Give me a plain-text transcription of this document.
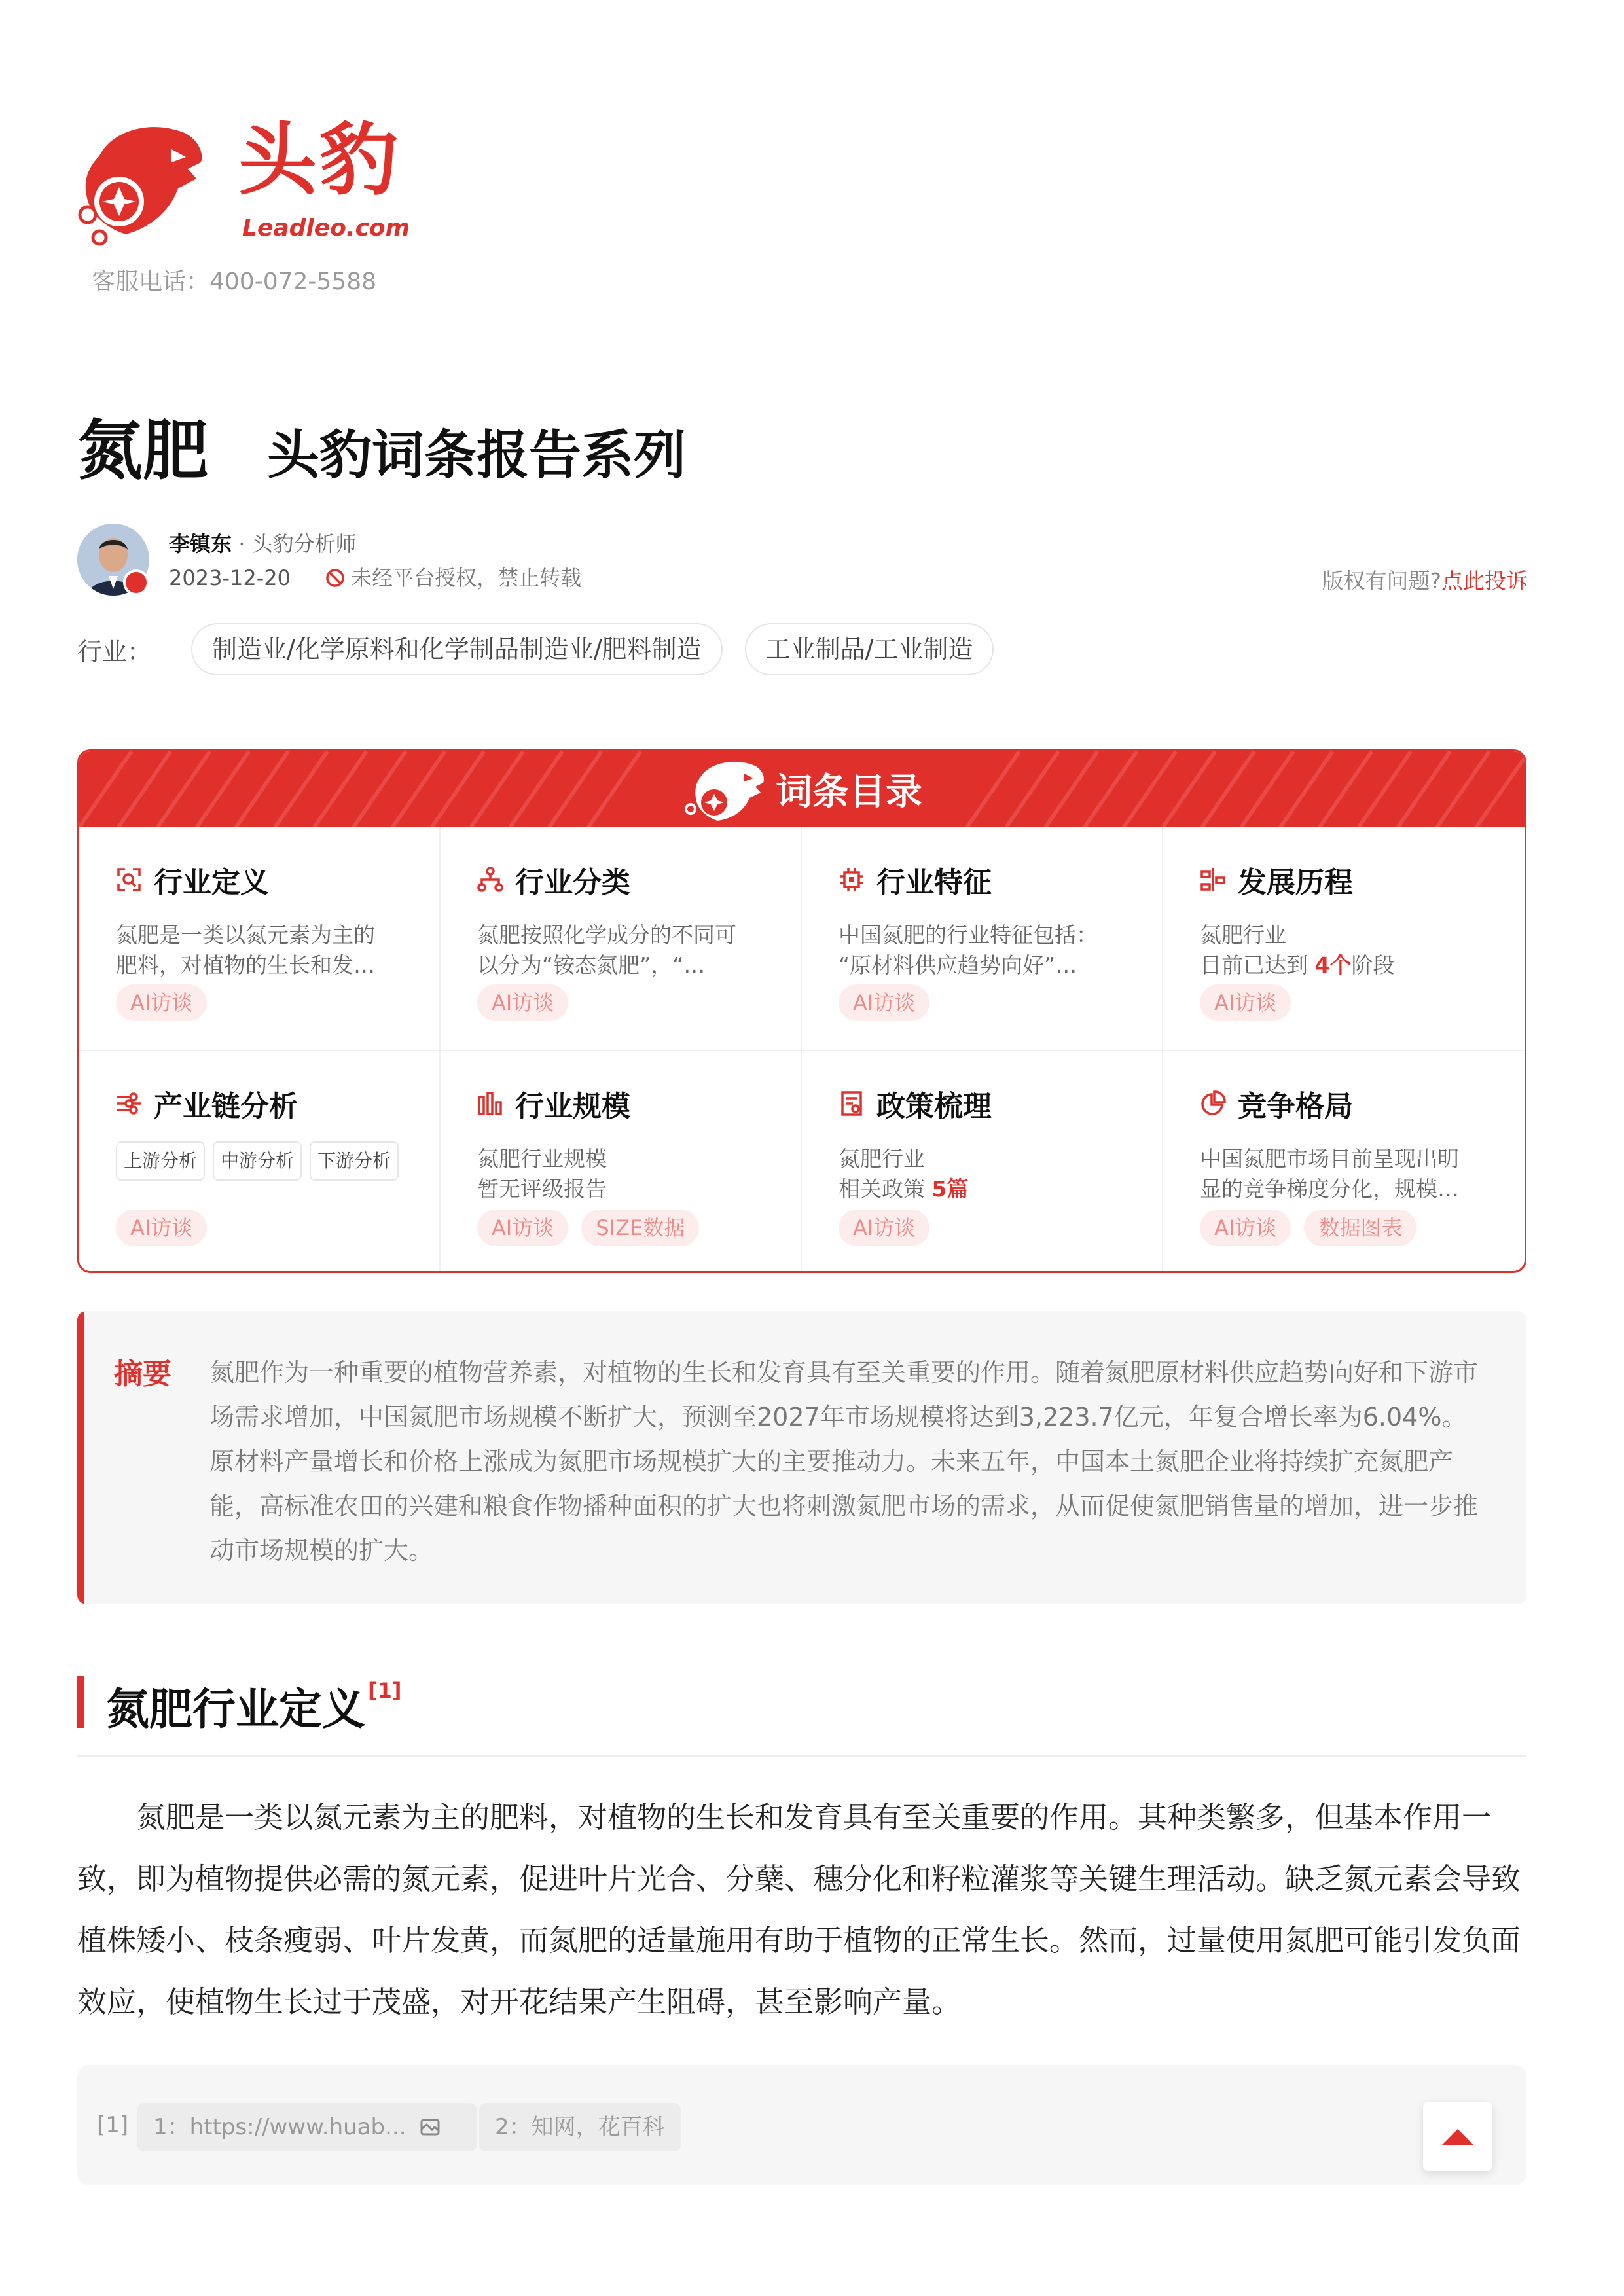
头豹
Leadleo.com
客服电话：400-072-5588
氮肥 头豹词条报告系列
李镇东 · 头豹分析师
2023-12-20	未经平台授权，禁止转载	版权有问题?点此投诉
行业：	制造业/化学原料和化学制品制造业/肥料制造	工业制品/工业制造
词条目录
行业定义
氮肥是一类以氮元素为主的
肥料，对植物的生长和发…
AI访谈
行业分类
氮肥按照化学成分的不同可
以分为“铵态氮肥”，“…
AI访谈
行业特征
中国氮肥的行业特征包括：
“原材料供应趋势向好”…
AI访谈
发展历程
氮肥行业
目前已达到 4个阶段
AI访谈
产业链分析
上游分析	中游分析	下游分析
AI访谈
行业规模
氮肥行业规模
暂无评级报告
AI访谈	SIZE数据
政策梳理
氮肥行业
相关政策 5篇
AI访谈
竞争格局
中国氮肥市场目前呈现出明
显的竞争梯度分化，规模…
AI访谈	数据图表
摘要 氮肥作为一种重要的植物营养素，对植物的生长和发育具有至关重要的作用。随着氮肥原材料供应趋势向好和下游市场需求增加，中国氮肥市场规模不断扩大，预测至2027年市场规模将达到3,223.7亿元，年复合增长率为6.04%。原材料产量增长和价格上涨成为氮肥市场规模扩大的主要推动力。未来五年，中国本土氮肥企业将持续扩充氮肥产能，高标准农田的兴建和粮食作物播种面积的扩大也将刺激氮肥市场的需求，从而促使氮肥销售量的增加，进一步推动市场规模的扩大。
氮肥行业定义 [1]
氮肥是一类以氮元素为主的肥料，对植物的生长和发育具有至关重要的作用。其种类繁多，但基本作用一致，即为植物提供必需的氮元素，促进叶片光合、分蘖、穗分化和籽粒灌浆等关键生理活动。缺乏氮元素会导致植株矮小、枝条瘦弱、叶片发黄，而氮肥的适量施用有助于植物的正常生长。然而，过量使用氮肥可能引发负面效应，使植物生长过于茂盛，对开花结果产生阻碍，甚至影响产量。
[1]	1：https://www.huab...	2：知网，花百科
